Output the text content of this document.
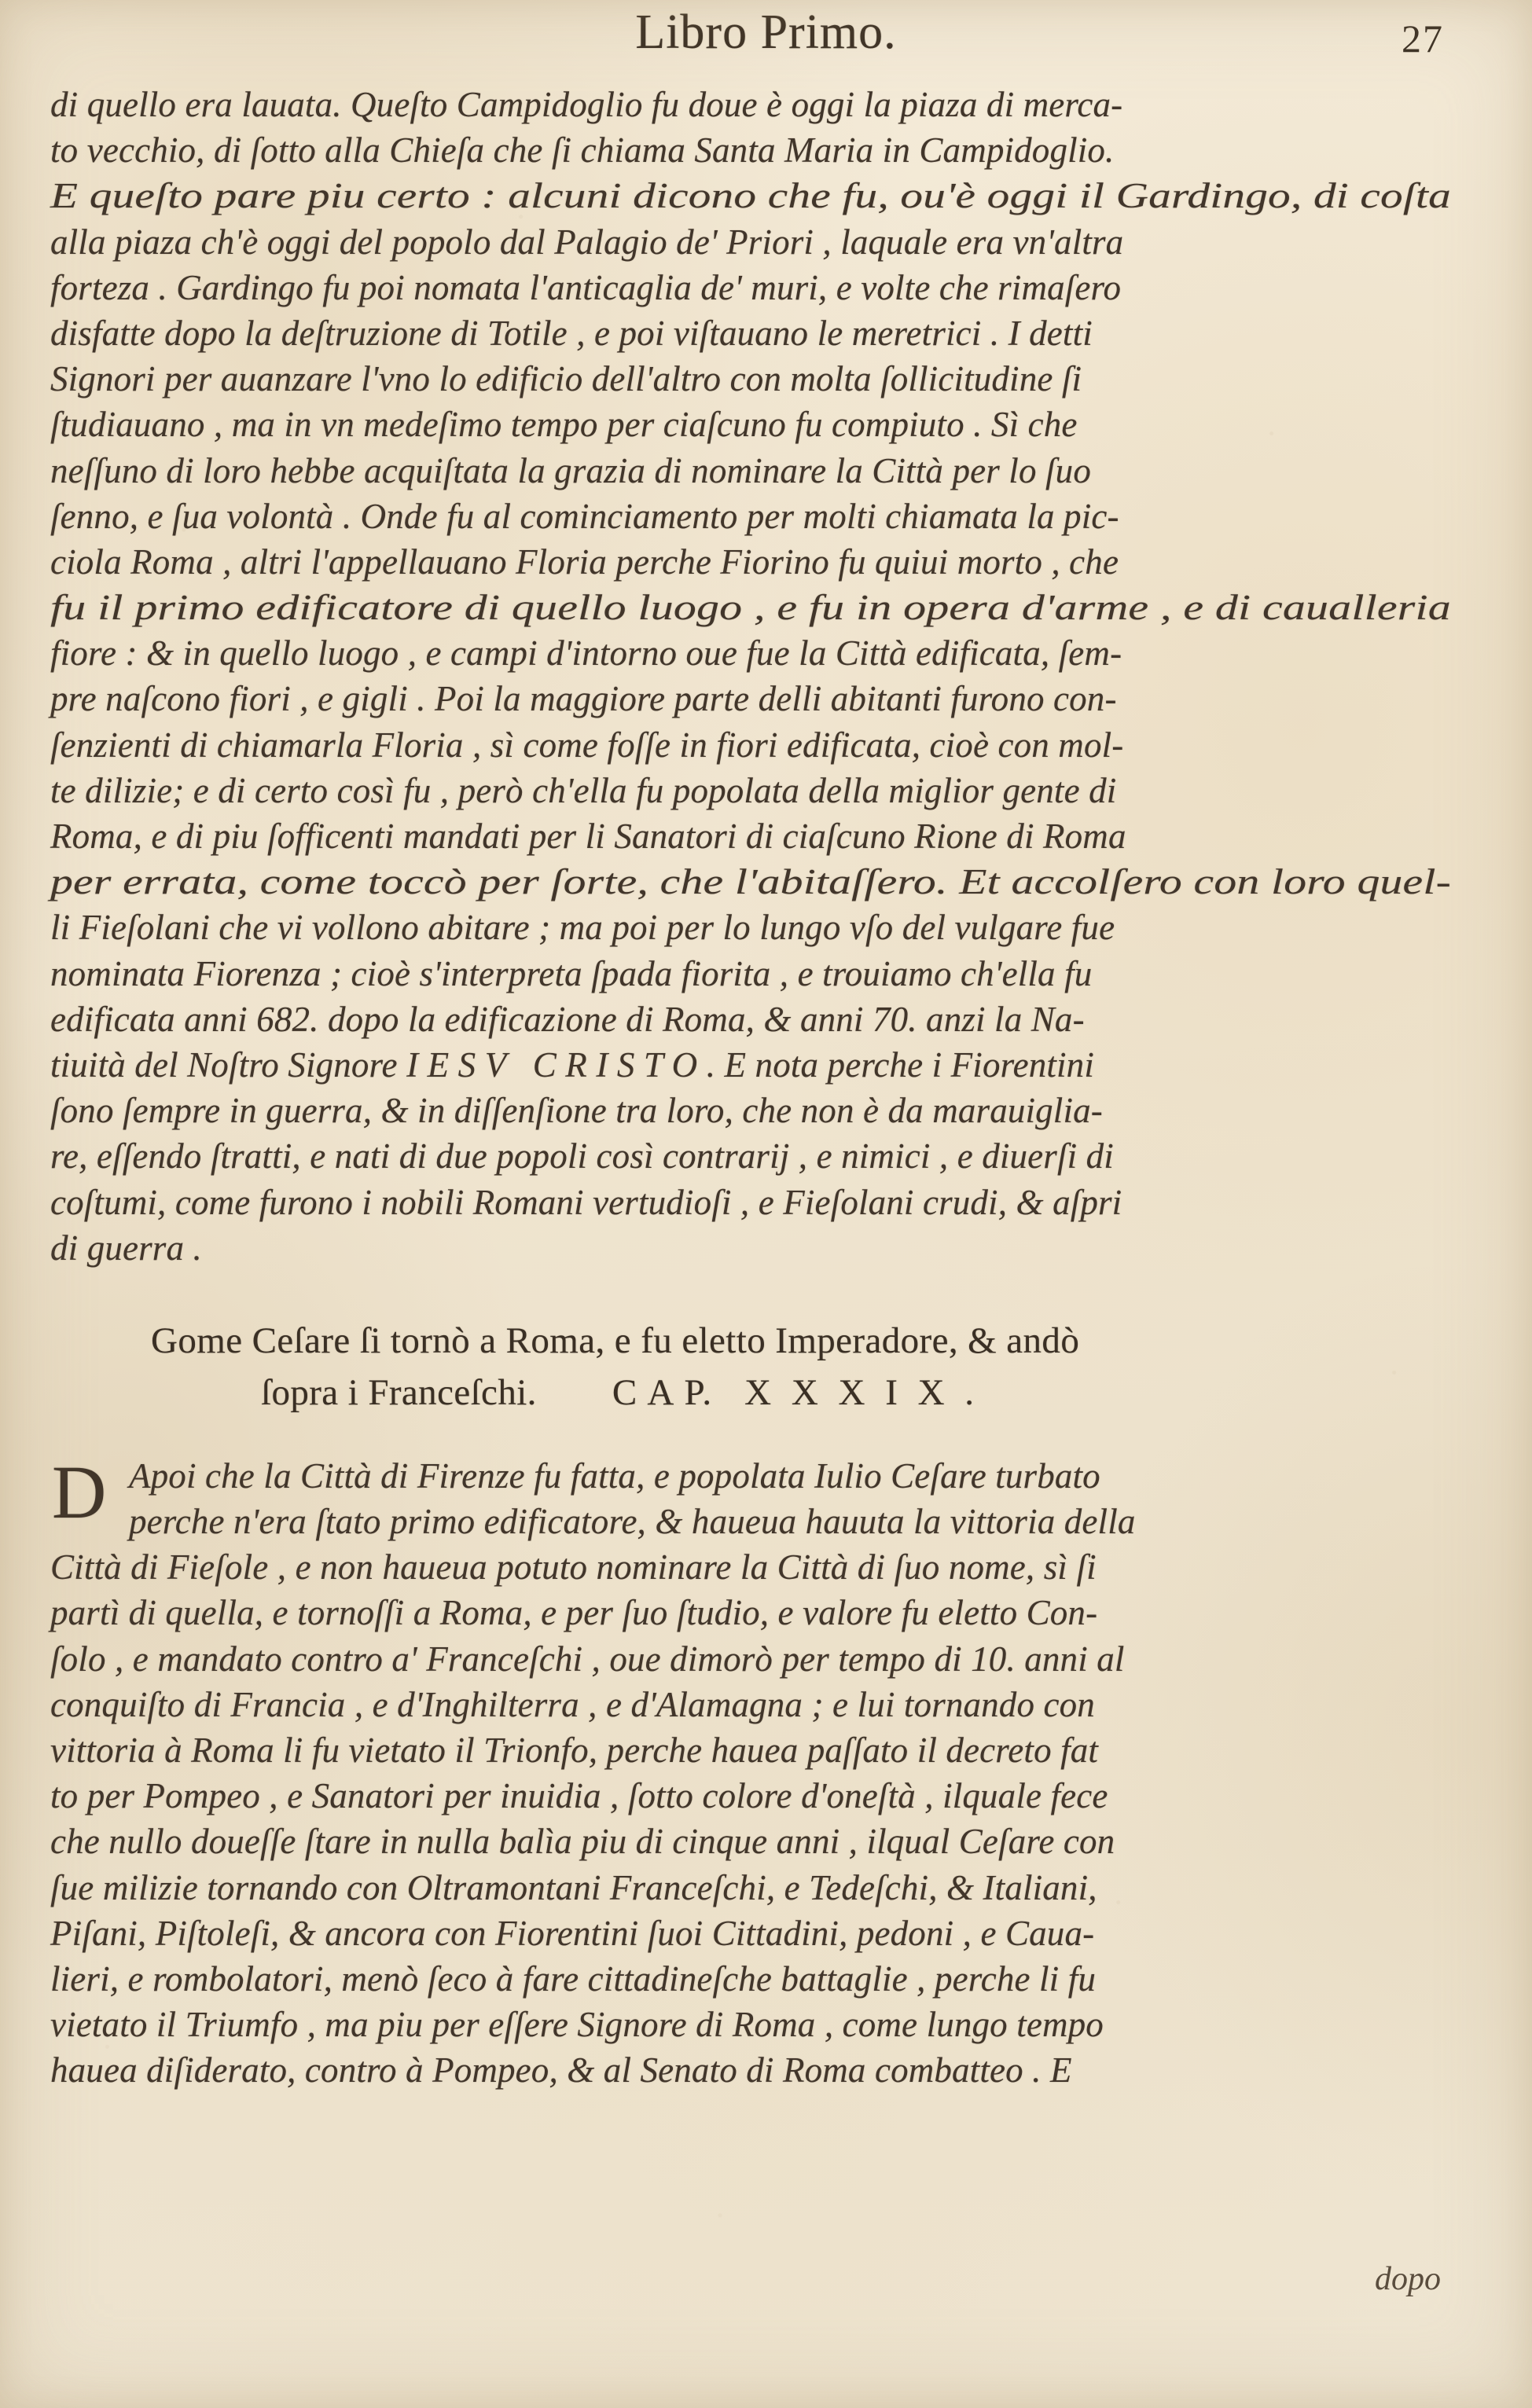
Libro Primo.	27
di quello era lauata. Queſto Campidoglio fu doue è oggi la piaza di merca-
to vecchio, di ſotto alla Chieſa che ſi chiama Santa Maria in Campidoglio.
E queſto pare piu certo : alcuni dicono che fu, ou'è oggi il Gardingo, di coſta
alla piaza ch'è oggi del popolo dal Palagio de' Priori , laquale era vn'altra
forteza . Gardingo fu poi nomata l'anticaglia de' muri, e volte che rimaſero
disfatte dopo la deſtruzione di Totile , e poi viſtauano le meretrici . I detti
Signori per auanzare l'vno lo edificio dell'altro con molta ſollicitudine ſi
ſtudiauano , ma in vn medeſimo tempo per ciaſcuno fu compiuto . Sì che
neſſuno di loro hebbe acquiſtata la grazia di nominare la Città per lo ſuo
ſenno, e ſua volontà . Onde fu al cominciamento per molti chiamata la pic-
ciola Roma , altri l'appellauano Floria perche Fiorino fu quiui morto , che
fu il primo edificatore di quello luogo , e fu in opera d'arme , e di caualleria
fiore : & in quello luogo , e campi d'intorno oue fue la Città edificata, ſem-
pre naſcono fiori , e gigli . Poi la maggiore parte delli abitanti furono con-
ſenzienti di chiamarla Floria , sì come foſſe in fiori edificata, cioè con mol-
te dilizie; e di certo così fu , però ch'ella fu popolata della miglior gente di
Roma, e di piu ſofficenti mandati per li Sanatori di ciaſcuno Rione di Roma
per errata, come toccò per ſorte, che l'abitaſſero. Et accolſero con loro quel-
li Fieſolani che vi vollono abitare ; ma poi per lo lungo vſo del vulgare fue
nominata Fiorenza ; cioè s'interpreta ſpada fiorita , e trouiamo ch'ella fu
edificata anni 682. dopo la edificazione di Roma, & anni 70. anzi la Na-
tiuità del Noſtro Signore I E S V   C R I S T O . E nota perche i Fiorentini
ſono ſempre in guerra, & in diſſenſione tra loro, che non è da marauiglia-
re, eſſendo ſtratti, e nati di due popoli così contrarij , e nimici , e diuerſi di
coſtumi, come furono i nobili Romani vertudioſi , e Fieſolani crudi, & aſpri
di guerra .
Gome Ceſare ſi tornò a Roma, e fu eletto Imperadore, & andò
ſopra i Franceſchi. C A P. X X X I X .
D Apoi che la Città di Firenze fu fatta, e popolata Iulio Ceſare turbato
perche n'era ſtato primo edificatore, & haueua hauuta la vittoria della
Città di Fieſole , e non haueua potuto nominare la Città di ſuo nome, sì ſi
partì di quella, e tornoſſi a Roma, e per ſuo ſtudio, e valore fu eletto Con-
ſolo , e mandato contro a' Franceſchi , oue dimorò per tempo di 10. anni al
conquiſto di Francia , e d'Inghilterra , e d'Alamagna ; e lui tornando con
vittoria à Roma li fu vietato il Trionfo, perche hauea paſſato il decreto fat
to per Pompeo , e Sanatori per inuidia , ſotto colore d'oneſtà , ilquale fece
che nullo doueſſe ſtare in nulla balìa piu di cinque anni , ilqual Ceſare con
ſue milizie tornando con Oltramontani Franceſchi, e Tedeſchi, & Italiani,
Piſani, Piſtoleſi, & ancora con Fiorentini ſuoi Cittadini, pedoni , e Caua-
lieri, e rombolatori, menò ſeco à fare cittadineſche battaglie , perche li fu
vietato il Triumfo , ma piu per eſſere Signore di Roma , come lungo tempo
hauea diſiderato, contro à Pompeo, & al Senato di Roma combatteo . E
dopo
